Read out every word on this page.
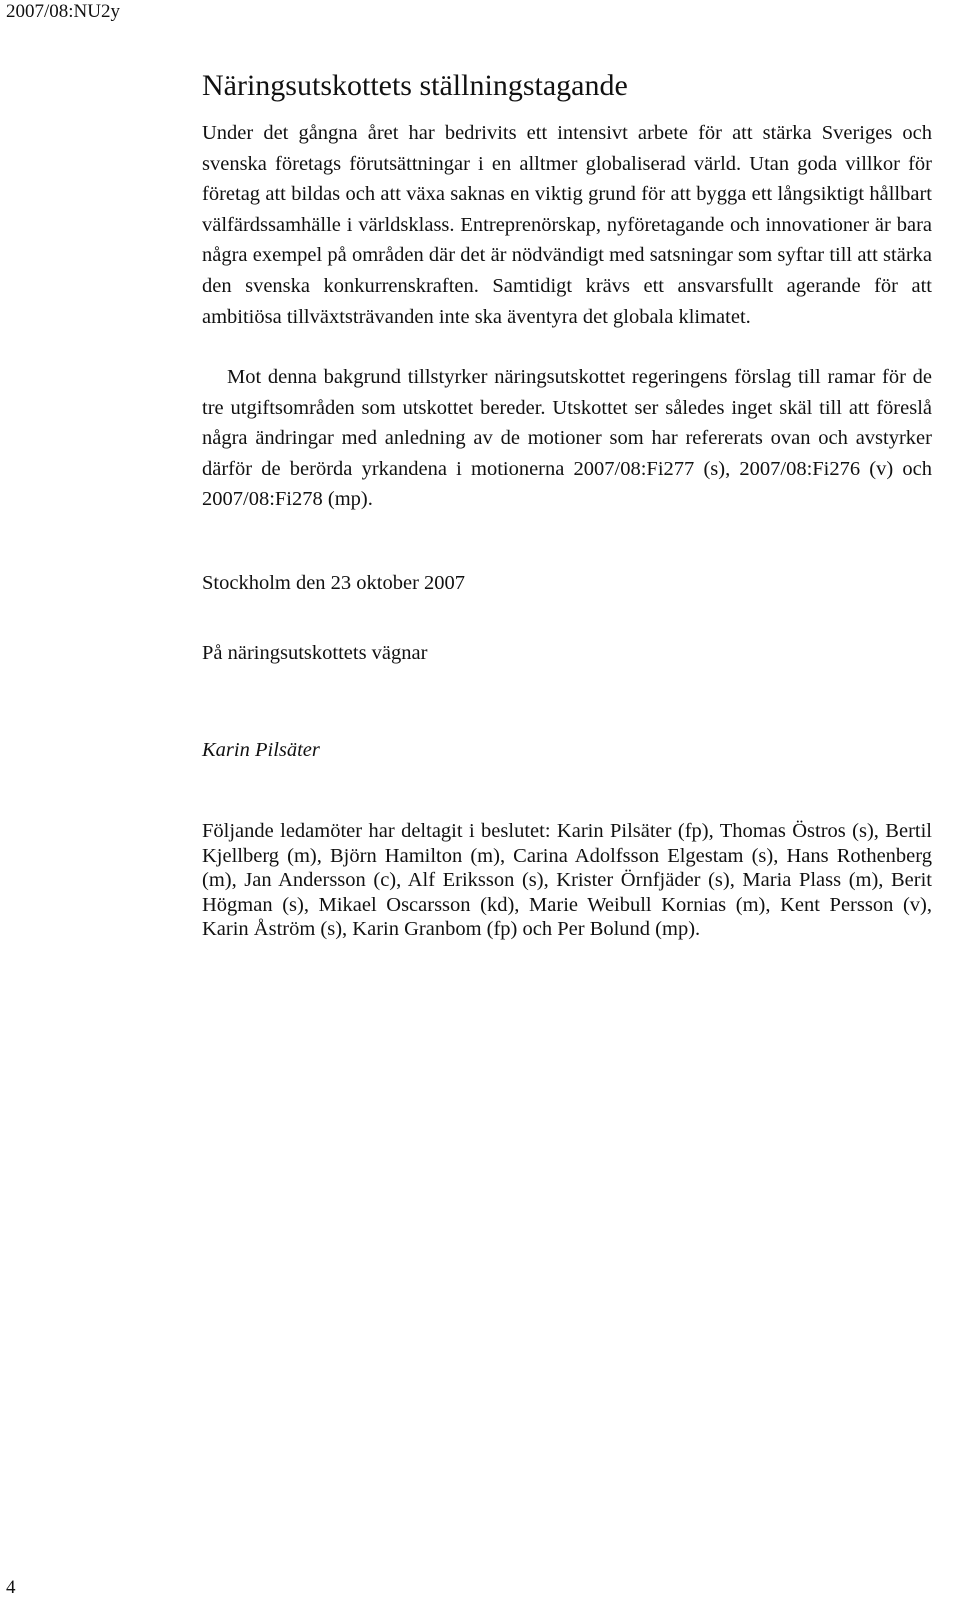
2007/08:NU2y
Näringsutskottets ställningstagande

Under det gångna året har bedrivits ett intensivt arbete för att stärka Sveriges och svenska företags förutsättningar i en alltmer globaliserad värld. Utan goda villkor för företag att bildas och att växa saknas en viktig grund för att bygga ett långsiktigt hållbart välfärdssamhälle i världsklass. Entreprenörskap, nyföretagande och innovationer är bara några exempel på områden där det är nödvändigt med satsningar som syftar till att stärka den svenska konkurrenskraften. Samtidigt krävs ett ansvarsfullt agerande för att ambitiösa tillväxtsträvanden inte ska äventyra det globala klimatet.

Mot denna bakgrund tillstyrker näringsutskottet regeringens förslag till ramar för de tre utgiftsområden som utskottet bereder. Utskottet ser således inget skäl till att föreslå några ändringar med anledning av de motioner som har refererats ovan och avstyrker därför de berörda yrkandena i motionerna 2007/08:Fi277 (s), 2007/08:Fi276 (v) och 2007/08:Fi278 (mp).

Stockholm den 23 oktober 2007
På näringsutskottets vägnar
Karin Pilsäter

Följande ledamöter har deltagit i beslutet: Karin Pilsäter (fp), Thomas Östros (s), Bertil Kjellberg (m), Björn Hamilton (m), Carina Adolfsson Elgestam (s), Hans Rothenberg (m), Jan Andersson (c), Alf Eriksson (s), Krister Örnfjäder (s), Maria Plass (m), Berit Högman (s), Mikael Oscarsson (kd), Marie Weibull Kornias (m), Kent Persson (v), Karin Åström (s), Karin Granbom (fp) och Per Bolund (mp).

4
